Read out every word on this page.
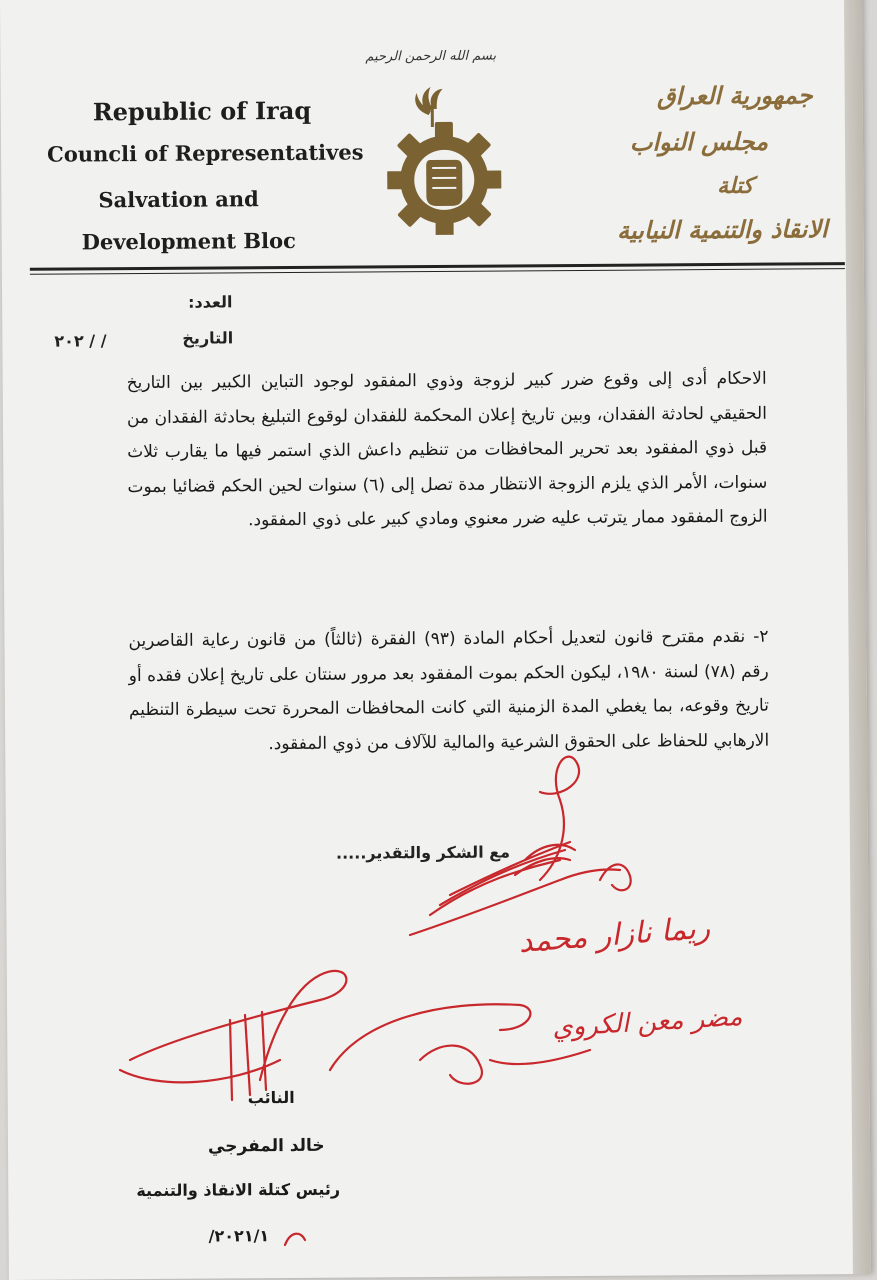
بسم الله الرحمن الرحيم
Republic of Iraq
Councli of Representatives
Salvation and
Development Bloc
جمهورية العراق
مجلس النواب
كتلة
الانقاذ والتنمية النيابية
العدد:
التاريخ
/ / ٢٠٢
الاحكام أدى إلى وقوع ضرر كبير لزوجة وذوي المفقود لوجود التباين الكبير بين التاريخ الحقيقي لحادثة الفقدان، وبين تاريخ إعلان المحكمة للفقدان لوقوع التبليغ بحادثة الفقدان من قبل ذوي المفقود بعد تحرير المحافظات من تنظيم داعش الذي استمر فيها ما يقارب ثلاث سنوات، الأمر الذي يلزم الزوجة الانتظار مدة تصل إلى (٦) سنوات لحين الحكم قضائيا بموت الزوج المفقود ممار يترتب عليه ضرر معنوي ومادي كبير على ذوي المفقود.
٢- نقدم مقترح قانون لتعديل أحكام المادة (٩٣) الفقرة (ثالثاً) من قانون رعاية القاصرين رقم (٧٨) لسنة ١٩٨٠، ليكون الحكم بموت المفقود بعد مرور سنتان على تاريخ إعلان فقده أو تاريخ وقوعه، بما يغطي المدة الزمنية التي كانت المحافظات المحررة تحت سيطرة التنظيم الارهابي للحفاظ على الحقوق الشرعية والمالية للآلاف من ذوي المفقود.
مع الشكر والتقدير.....
النائب
خالد المفرجي
رئيس كتلة الانقاذ والتنمية
٢٠٢١/١/
ريما نازار محمد
مضر معن الكروي
